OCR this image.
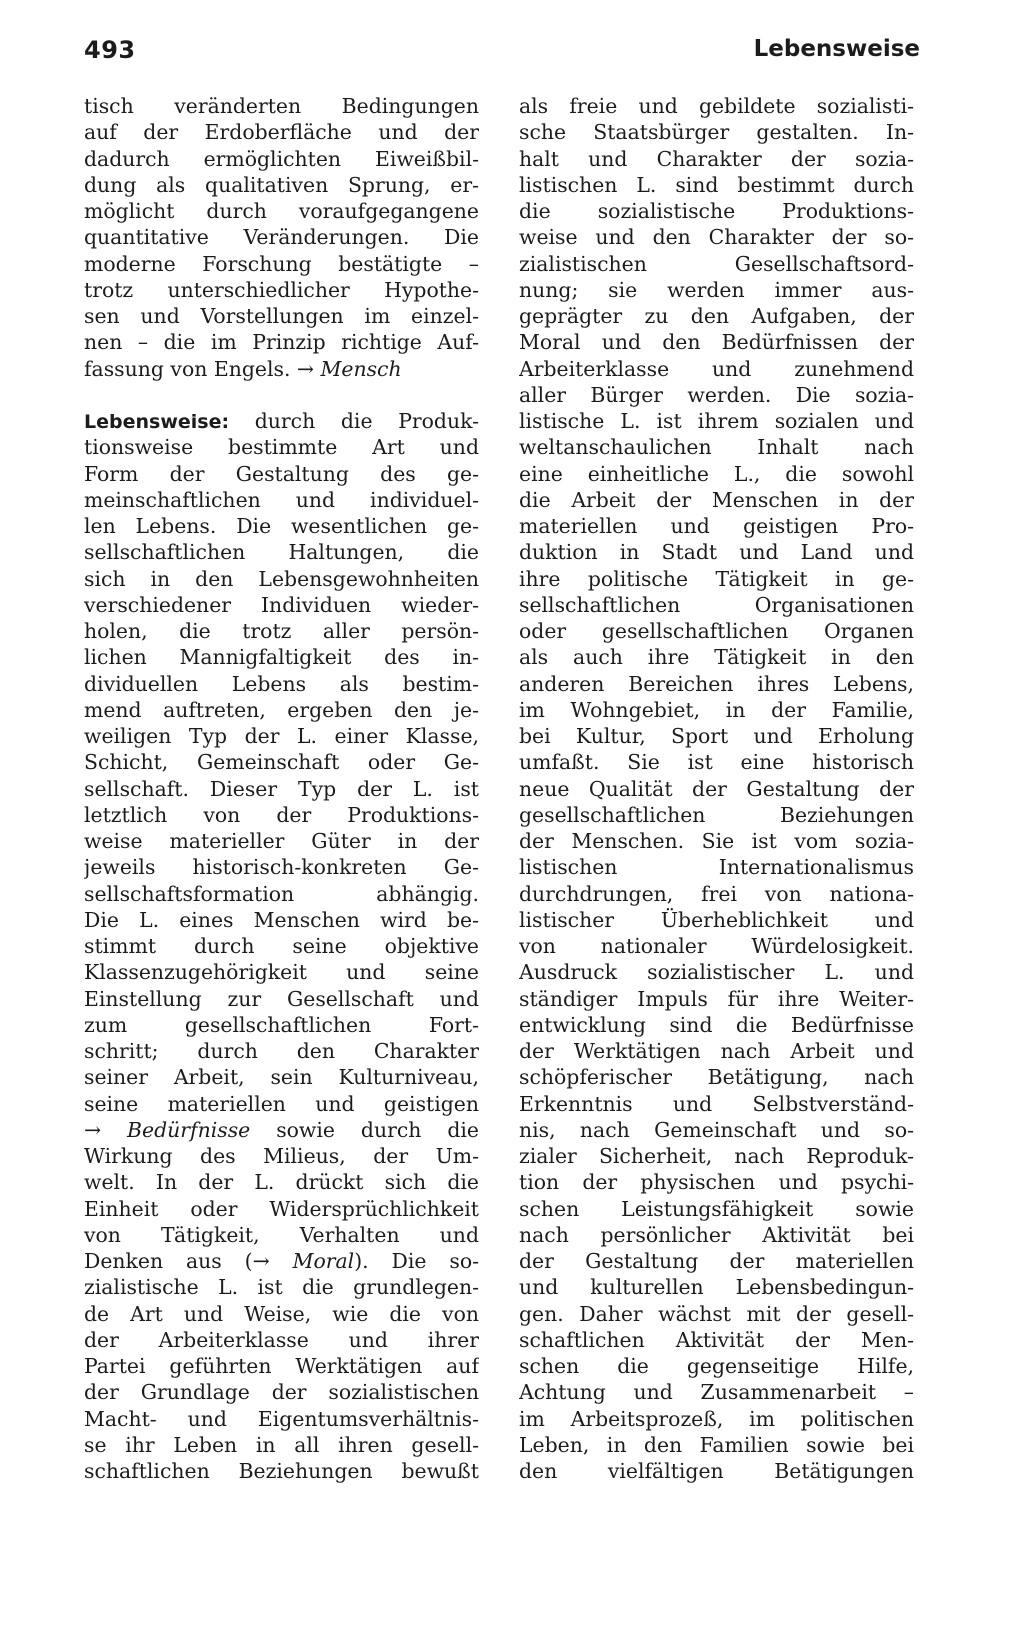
493	Lebensweise
tisch veränderten Bedingungen
auf der Erdoberfläche und der
dadurch ermöglichten Eiweißbil-
dung als qualitativen Sprung, er-
möglicht durch voraufgegangene
quantitative Veränderungen. Die
moderne Forschung bestätigte –
trotz unterschiedlicher Hypothe-
sen und Vorstellungen im einzel-
nen – die im Prinzip richtige Auf-
fassung von Engels. → Mensch
Lebensweise: durch die Produk-
tionsweise bestimmte Art und
Form der Gestaltung des ge-
meinschaftlichen und individuel-
len Lebens. Die wesentlichen ge-
sellschaftlichen Haltungen, die
sich in den Lebensgewohnheiten
verschiedener Individuen wieder-
holen, die trotz aller persön-
lichen Mannigfaltigkeit des in-
dividuellen Lebens als bestim-
mend auftreten, ergeben den je-
weiligen Typ der L. einer Klasse,
Schicht, Gemeinschaft oder Ge-
sellschaft. Dieser Typ der L. ist
letztlich von der Produktions-
weise materieller Güter in der
jeweils historisch-konkreten Ge-
sellschaftsformation abhängig.
Die L. eines Menschen wird be-
stimmt durch seine objektive
Klassenzugehörigkeit und seine
Einstellung zur Gesellschaft und
zum gesellschaftlichen Fort-
schritt; durch den Charakter
seiner Arbeit, sein Kulturniveau,
seine materiellen und geistigen
→ Bedürfnisse sowie durch die
Wirkung des Milieus, der Um-
welt. In der L. drückt sich die
Einheit oder Widersprüchlichkeit
von Tätigkeit, Verhalten und
Denken aus (→ Moral). Die so-
zialistische L. ist die grundlegen-
de Art und Weise, wie die von
der Arbeiterklasse und ihrer
Partei geführten Werktätigen auf
der Grundlage der sozialistischen
Macht- und Eigentumsverhältnis-
se ihr Leben in all ihren gesell-
schaftlichen Beziehungen bewußt
als freie und gebildete sozialisti-
sche Staatsbürger gestalten. In-
halt und Charakter der sozia-
listischen L. sind bestimmt durch
die sozialistische Produktions-
weise und den Charakter der so-
zialistischen Gesellschaftsord-
nung; sie werden immer aus-
geprägter zu den Aufgaben, der
Moral und den Bedürfnissen der
Arbeiterklasse und zunehmend
aller Bürger werden. Die sozia-
listische L. ist ihrem sozialen und
weltanschaulichen Inhalt nach
eine einheitliche L., die sowohl
die Arbeit der Menschen in der
materiellen und geistigen Pro-
duktion in Stadt und Land und
ihre politische Tätigkeit in ge-
sellschaftlichen Organisationen
oder gesellschaftlichen Organen
als auch ihre Tätigkeit in den
anderen Bereichen ihres Lebens,
im Wohngebiet, in der Familie,
bei Kultur, Sport und Erholung
umfaßt. Sie ist eine historisch
neue Qualität der Gestaltung der
gesellschaftlichen Beziehungen
der Menschen. Sie ist vom sozia-
listischen Internationalismus
durchdrungen, frei von nationa-
listischer Überheblichkeit und
von nationaler Würdelosigkeit.
Ausdruck sozialistischer L. und
ständiger Impuls für ihre Weiter-
entwicklung sind die Bedürfnisse
der Werktätigen nach Arbeit und
schöpferischer Betätigung, nach
Erkenntnis und Selbstverständ-
nis, nach Gemeinschaft und so-
zialer Sicherheit, nach Reproduk-
tion der physischen und psychi-
schen Leistungsfähigkeit sowie
nach persönlicher Aktivität bei
der Gestaltung der materiellen
und kulturellen Lebensbedingun-
gen. Daher wächst mit der gesell-
schaftlichen Aktivität der Men-
schen die gegenseitige Hilfe,
Achtung und Zusammenarbeit –
im Arbeitsprozeß, im politischen
Leben, in den Familien sowie bei
den vielfältigen Betätigungen
